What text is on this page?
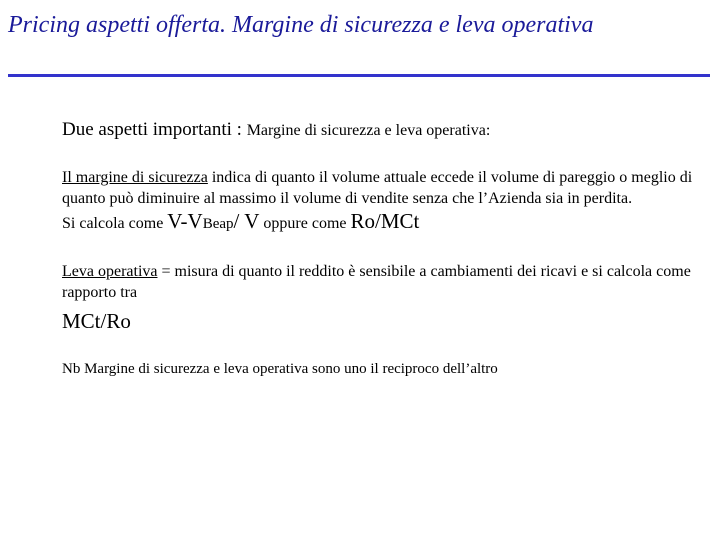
Pricing aspetti offerta. Margine di sicurezza e leva operativa

Due aspetti importanti : Margine di sicurezza e leva operativa:

Il margine di sicurezza indica di quanto il volume attuale eccede il volume di pareggio o meglio di quanto può diminuire al massimo il volume di vendite senza che l’Azienda sia in perdita.

Si calcola come V-VBeap/ V oppure come Ro/MCt

Leva operativa = misura di quanto il reddito è sensibile a cambiamenti dei ricavi e si calcola come rapporto tra

MCt/Ro

Nb Margine di sicurezza e leva operativa sono uno il reciproco dell’altro
